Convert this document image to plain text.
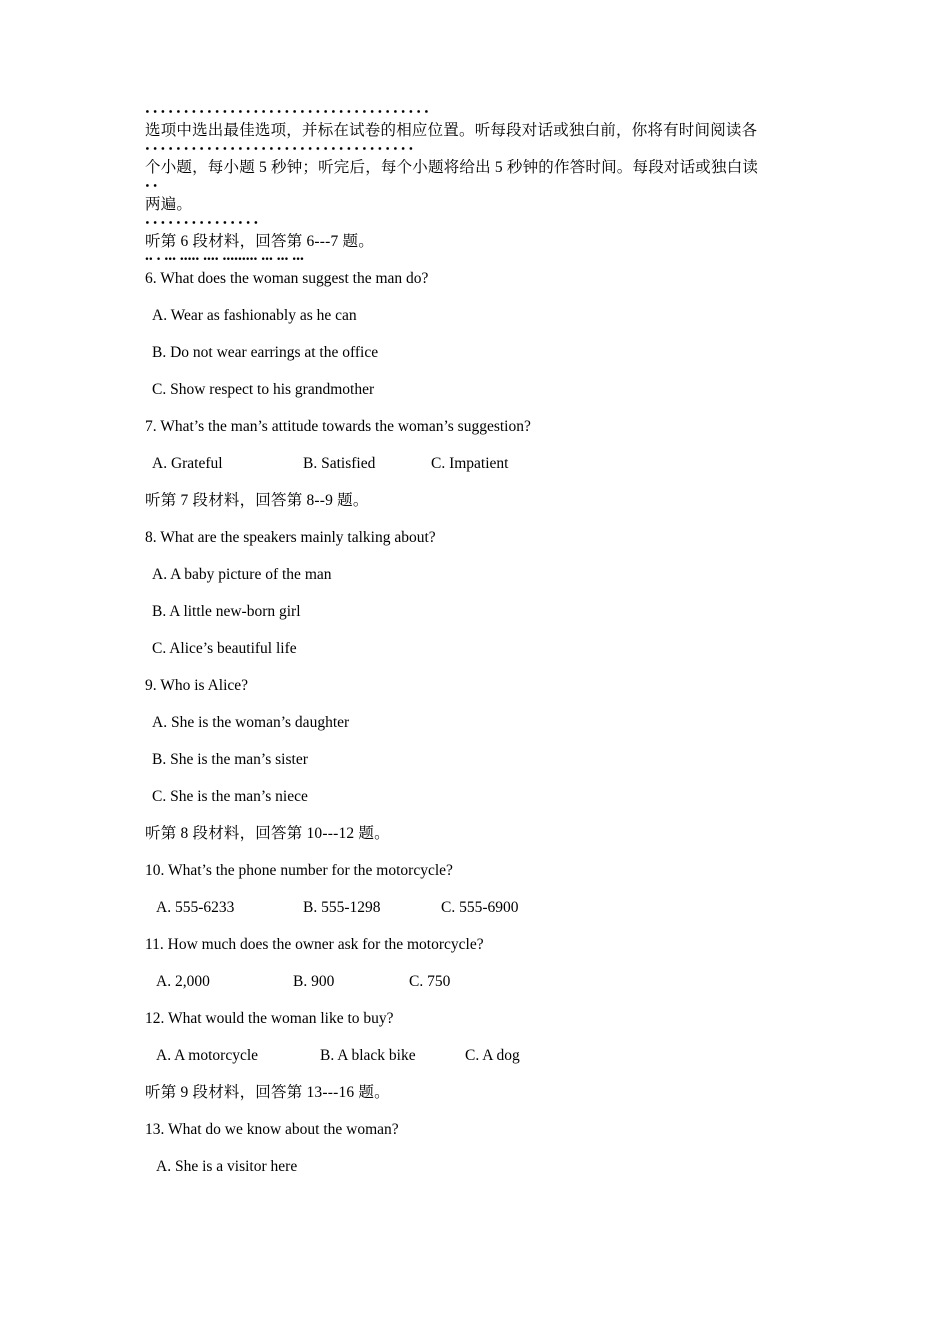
．．．．．．．．．．．．．．．．．．．．．．．．．．．．．．．．．．．．．
选项中选出最佳选项，并标在试卷的相应位置。听每段对话或独白前，你将有时间阅读各
．．．．．．．．．．．．．．．．．．．．．．．．．．．．．．．．．．．
个小题，每小题 5 秒钟；听完后，每个小题将给出 5 秒钟的作答时间。每段对话或独白读
．．
两遍。
．．．．．．．．．．．．．．．
听第 6 段材料，回答第 6---7 题。
.. . ... ..... .... ......... ... ... ...
6. What does the woman suggest the man do?
A. Wear as fashionably as he can
B. Do not wear earrings at the office
C. Show respect to his grandmother
7. What’s the man’s attitude towards the woman’s suggestion?
A. Grateful	B. Satisfied	C. Impatient
听第 7 段材料，回答第 8--9 题。
8. What are the speakers mainly talking about?
A. A baby picture of the man
B. A little new-born girl
C. Alice’s beautiful life
9. Who is Alice?
A. She is the woman’s daughter
B. She is the man’s sister
C. She is the man’s niece
听第 8 段材料，回答第 10---12 题。
10. What’s the phone number for the motorcycle?
A. 555-6233	B. 555-1298	C. 555-6900
11. How much does the owner ask for the motorcycle?
A. 2,000	B. 900	C. 750
12. What would the woman like to buy?
A. A motorcycle	B. A black bike	C. A dog
听第 9 段材料，回答第 13---16 题。
13. What do we know about the woman?
A. She is a visitor here
